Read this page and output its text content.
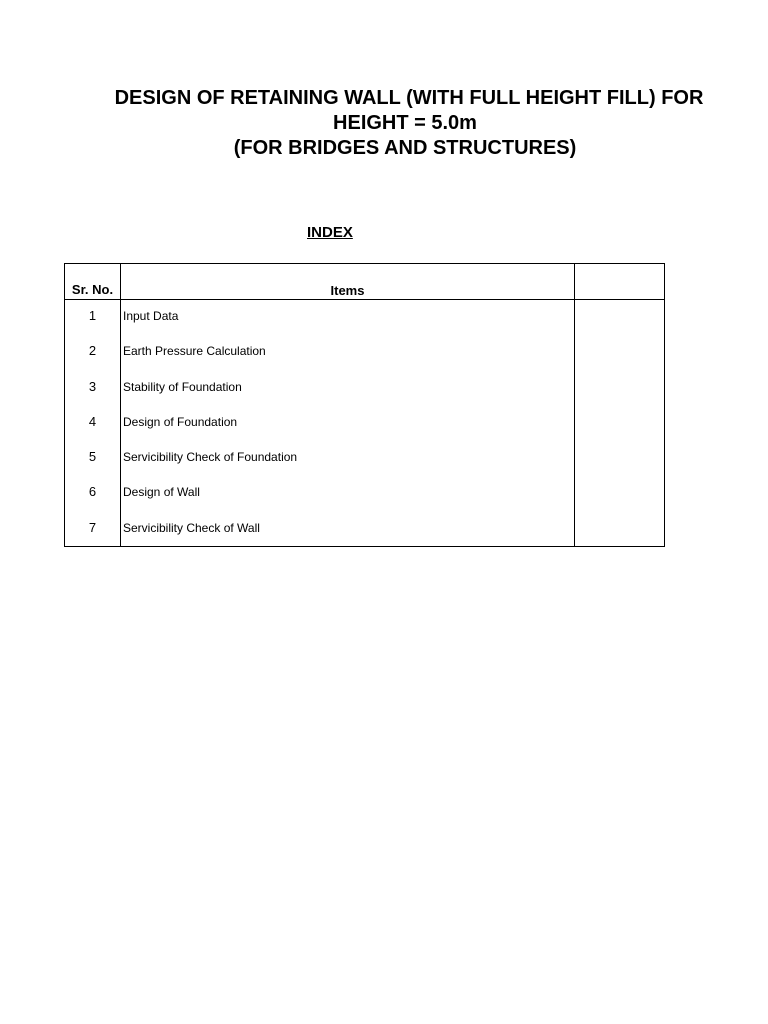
DESIGN OF RETAINING WALL (WITH FULL HEIGHT FILL) FOR
HEIGHT = 5.0m
(FOR BRIDGES AND STRUCTURES)
INDEX
Sr. No.	Items
1	Input Data
2	Earth Pressure Calculation
3	Stability of Foundation
4	Design of Foundation
5	Servicibility Check of Foundation
6	Design of Wall
7	Servicibility Check of Wall
